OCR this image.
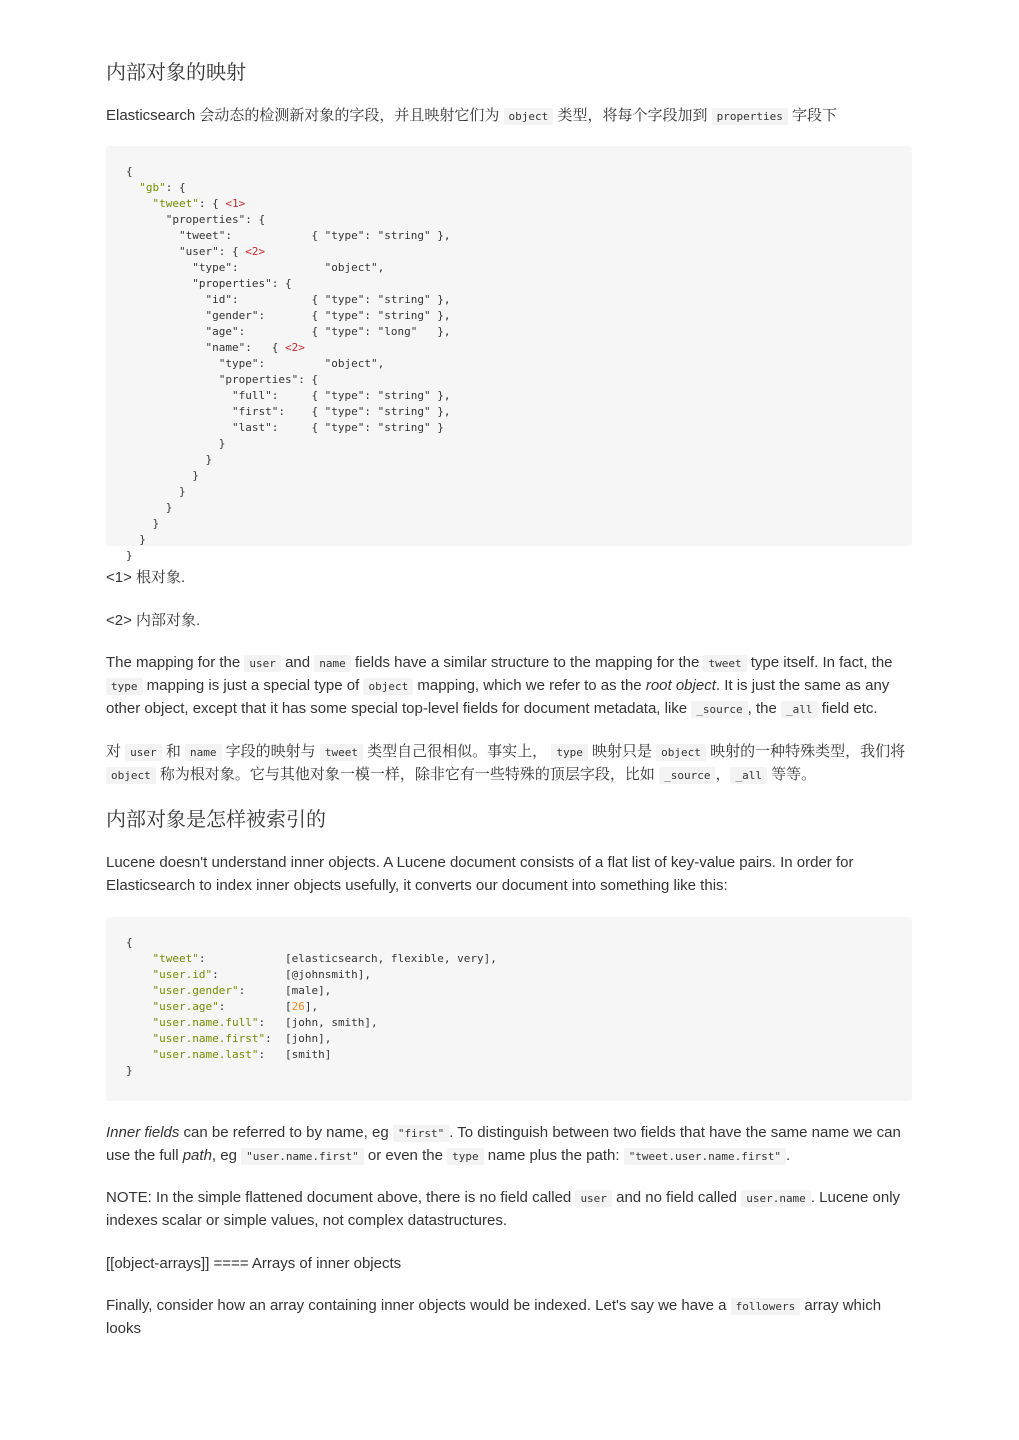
内部对象的映射

Elasticsearch 会动态的检测新对象的字段，并且映射它们为 object 类型，将每个字段加到 properties 字段下

{
"gb": {
"tweet": { <1>
"properties": {
"tweet":            { "type": "string" },
"user": { <2>
"type":             "object",
"properties": {
"id":           { "type": "string" },
"gender":       { "type": "string" },
"age":          { "type": "long"   },
"name":   { <2>
"type":         "object",
"properties": {
"full":     { "type": "string" },
"first":    { "type": "string" },
"last":     { "type": "string" }
}
}
}
}
}
}
}
}

<1> 根对象.

<2> 内部对象.

The mapping for the user and name fields have a similar structure to the mapping for the tweet type itself. In fact, the type mapping is just a special type of object mapping, which we refer to as the root object. It is just the same as any other object, except that it has some special top-level fields for document metadata, like _source , the _all field etc.

对 user 和 name 字段的映射与 tweet 类型自己很相似。事实上， type 映射只是 object 映射的一种特殊类型，我们将 object 称为根对象。它与其他对象一模一样，除非它有一些特殊的顶层字段，比如 _source ， _all 等等。

内部对象是怎样被索引的

Lucene doesn't understand inner objects. A Lucene document consists of a flat list of key-value pairs. In order for Elasticsearch to index inner objects usefully, it converts our document into something like this:

{
"tweet":            [elasticsearch, flexible, very],
"user.id":          [@johnsmith],
"user.gender":      [male],
"user.age":         [26],
"user.name.full":   [john, smith],
"user.name.first":  [john],
"user.name.last":   [smith]
}

Inner fields can be referred to by name, eg "first" . To distinguish between two fields that have the same name we can use the full path, eg "user.name.first" or even the type name plus the path: "tweet.user.name.first" .

NOTE: In the simple flattened document above, there is no field called user and no field called user.name . Lucene only indexes scalar or simple values, not complex datastructures.

[[object-arrays]] ==== Arrays of inner objects

Finally, consider how an array containing inner objects would be indexed. Let's say we have a followers array which looks
